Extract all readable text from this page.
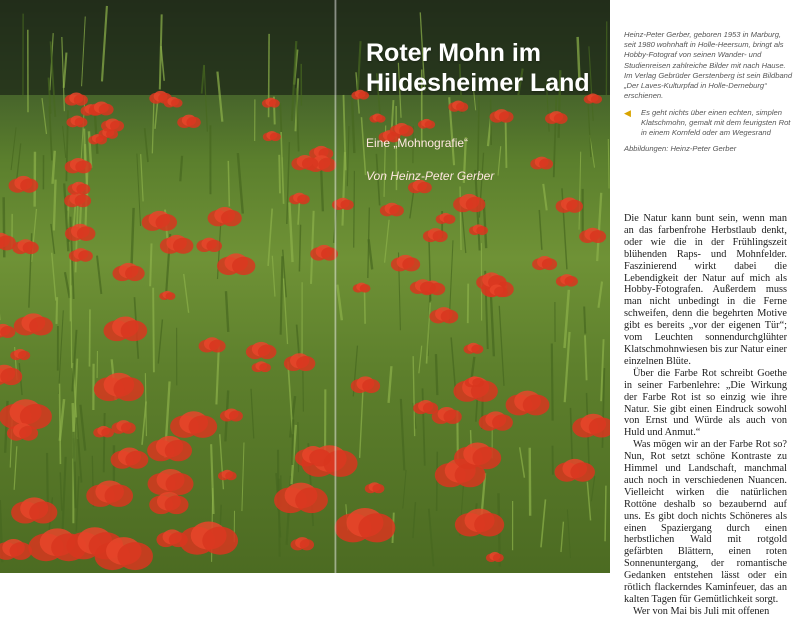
Roter Mohn im Hildesheimer Land
Eine „Mohnografie“
Von Heinz-Peter Gerber

Heinz-Peter Gerber, geboren 1953 in Marburg, seit 1980 wohnhaft in Holle-Heersum, bringt als Hobby-Fotograf von seinen Wander- und Studienreisen zahlreiche Bilder mit nach Hause. Im Verlag Gebrüder Gerstenberg ist sein Bildband „Der Laves-Kulturpfad in Holle-Derneburg“ erschienen.

◀ Es geht nichts über einen echten, simplen Klatschmohn, gemalt mit dem feurigsten Rot in einem Kornfeld oder am Wegesrand

Abbildungen: Heinz-Peter Gerber

Die Natur kann bunt sein, wenn man an das farbenfrohe Herbstlaub denkt, oder wie die in der Frühlingszeit blühenden Raps- und Mohnfelder. Faszinierend wirkt dabei die Lebendigkeit der Natur auf mich als Hobby-Fotografen. Außerdem muss man nicht unbedingt in die Ferne schweifen, denn die begehrten Motive gibt es bereits „vor der eigenen Tür“; vom Leuchten sonnendurchglühter Klatschmohnwiesen bis zur Natur einer einzelnen Blüte.

Über die Farbe Rot schreibt Goethe in seiner Farbenlehre: „Die Wirkung der Farbe Rot ist so einzig wie ihre Natur. Sie gibt einen Eindruck sowohl von Ernst und Würde als auch von Huld und Anmut.“

Was mögen wir an der Farbe Rot so? Nun, Rot setzt schöne Kontraste zu Himmel und Landschaft, manchmal auch noch in verschiedenen Nuancen. Vielleicht wirken die natürlichen Rottöne deshalb so bezaubernd auf uns. Es gibt doch nichts Schöneres als einen Spaziergang durch einen herbstlichen Wald mit rotgold gefärbten Blättern, einen roten Sonnenuntergang, der romantische Gedanken entstehen lässt oder ein rötlich flackerndes Kaminfeuer, das an kalten Tagen für Gemütlichkeit sorgt.

Wer von Mai bis Juli mit offenen
